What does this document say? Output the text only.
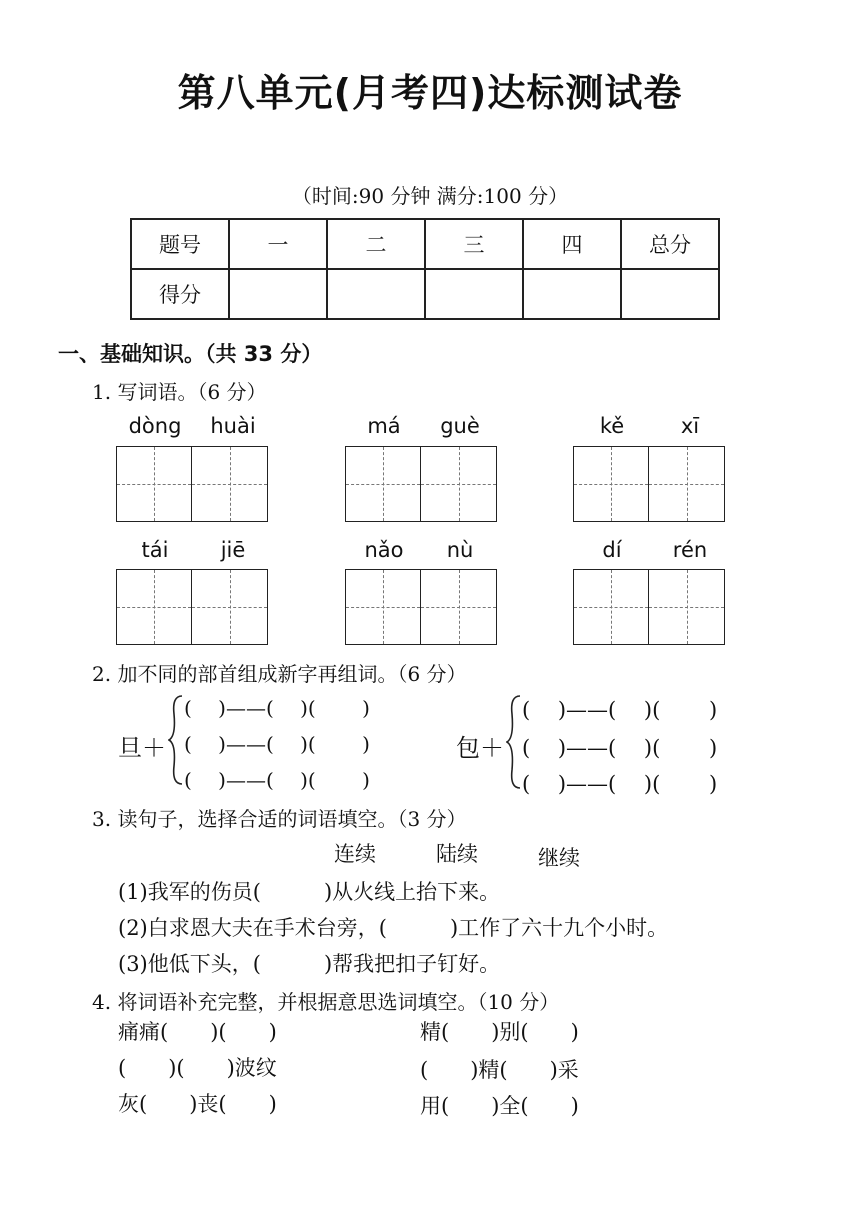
第八单元(月考四)达标测试卷
（时间:90 分钟 满分:100 分）
题号	一	二	三	四	总分
得分					
一、基础知识。（共 33 分）
1. 写词语。（6 分）
dòng	huài	má	guè	kě	xī
tái	jiē	nǎo	nù	dí	rén
2. 加不同的部首组成新字再组词。（6 分）
旦＋
(　 )——(　 )(　　 )
(　 )——(　 )(　　 )
(　 )——(　 )(　　 )
包＋
(　 )——(　 )(　　 )
(　 )——(　 )(　　 )
(　 )——(　 )(　　 )
3. 读句子，选择合适的词语填空。（3 分）
连续	陆续	继续
(1)我军的伤员(　　　)从火线上抬下来。
(2)白求恩大夫在手术台旁，(　　　)工作了六十九个小时。
(3)他低下头，(　　　)帮我把扣子钉好。
4. 将词语补充完整，并根据意思选词填空。（10 分）
痛痛(　　)(　　)
(　　)(　　)波纹
灰(　　)丧(　　)
精(　　)别(　　)
(　　)精(　　)采
用(　　)全(　　)
